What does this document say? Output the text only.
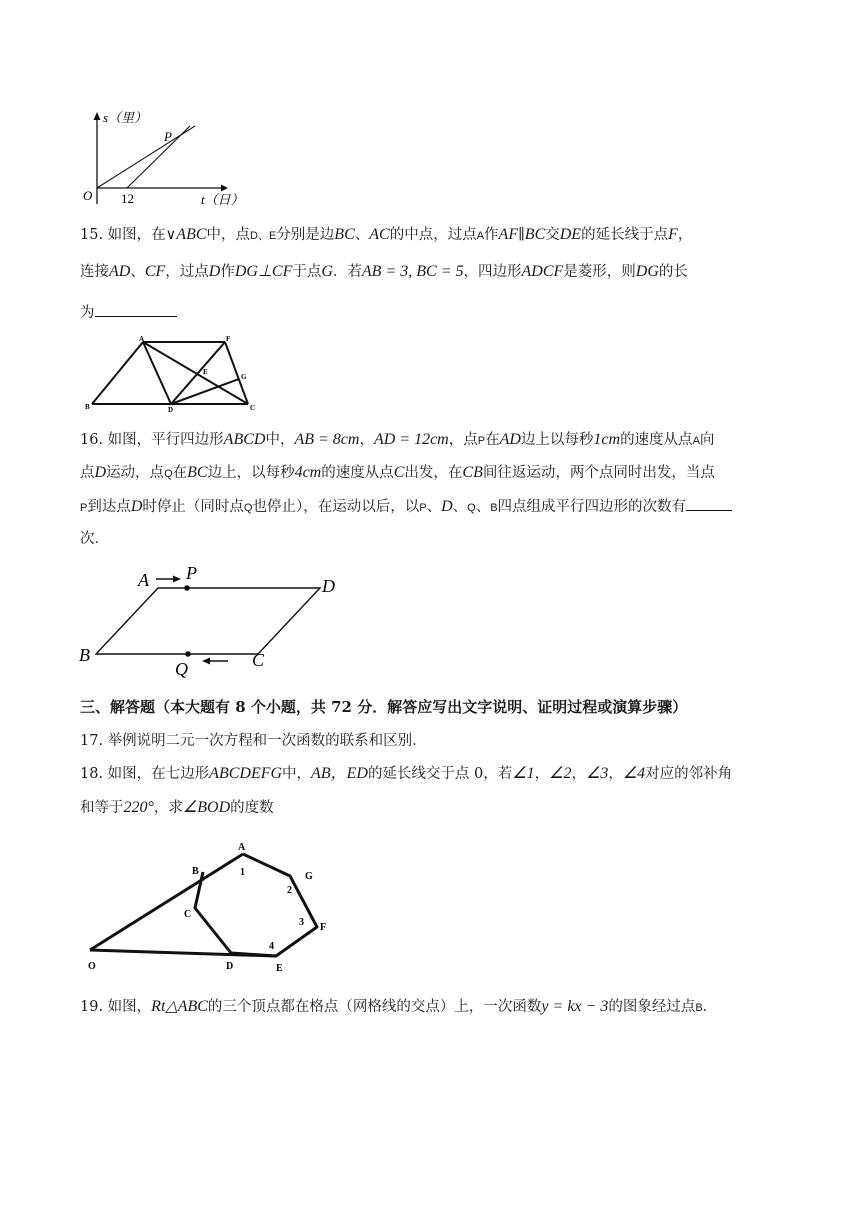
s（里）
t（日）
O 12
P
15. 如图，在∨ABC中，点D、E分别是边BC、AC的中点，过点A作AF∥BC交DE的延长线于点F，
连接AD、CF，过点D作DG⊥CF于点G．若AB = 3, BC = 5，四边形ADCF是菱形，则DG的长
为
A	F
E
G
B	D	C
16. 如图，平行四边形ABCD中，AB = 8cm，AD = 12cm，点P在AD边上以每秒1cm的速度从点A向
点D运动，点Q在BC边上，以每秒4cm的速度从点C出发，在CB间往返运动，两个点同时出发，当点
P到达点D时停止（同时点Q也停止），在运动以后，以P、D、Q、B四点组成平行四边形的次数有
次．
A P
D
B
Q	C
三、解答题（本大题有 8 个小题，共 72 分．解答应写出文字说明、证明过程或演算步骤）
17. 举例说明二元一次方程和一次函数的联系和区别．
18. 如图，在七边形ABCDEFG中，AB，ED的延长线交于点 0，若∠1，∠2，∠3，∠4对应的邻补角
和等于220°，求∠BOD的度数
A
B	G
C
F
O	D	E
1
2
3
4
19. 如图，Rt△ABC的三个顶点都在格点（网格线的交点）上，一次函数y = kx − 3的图象经过点B．
